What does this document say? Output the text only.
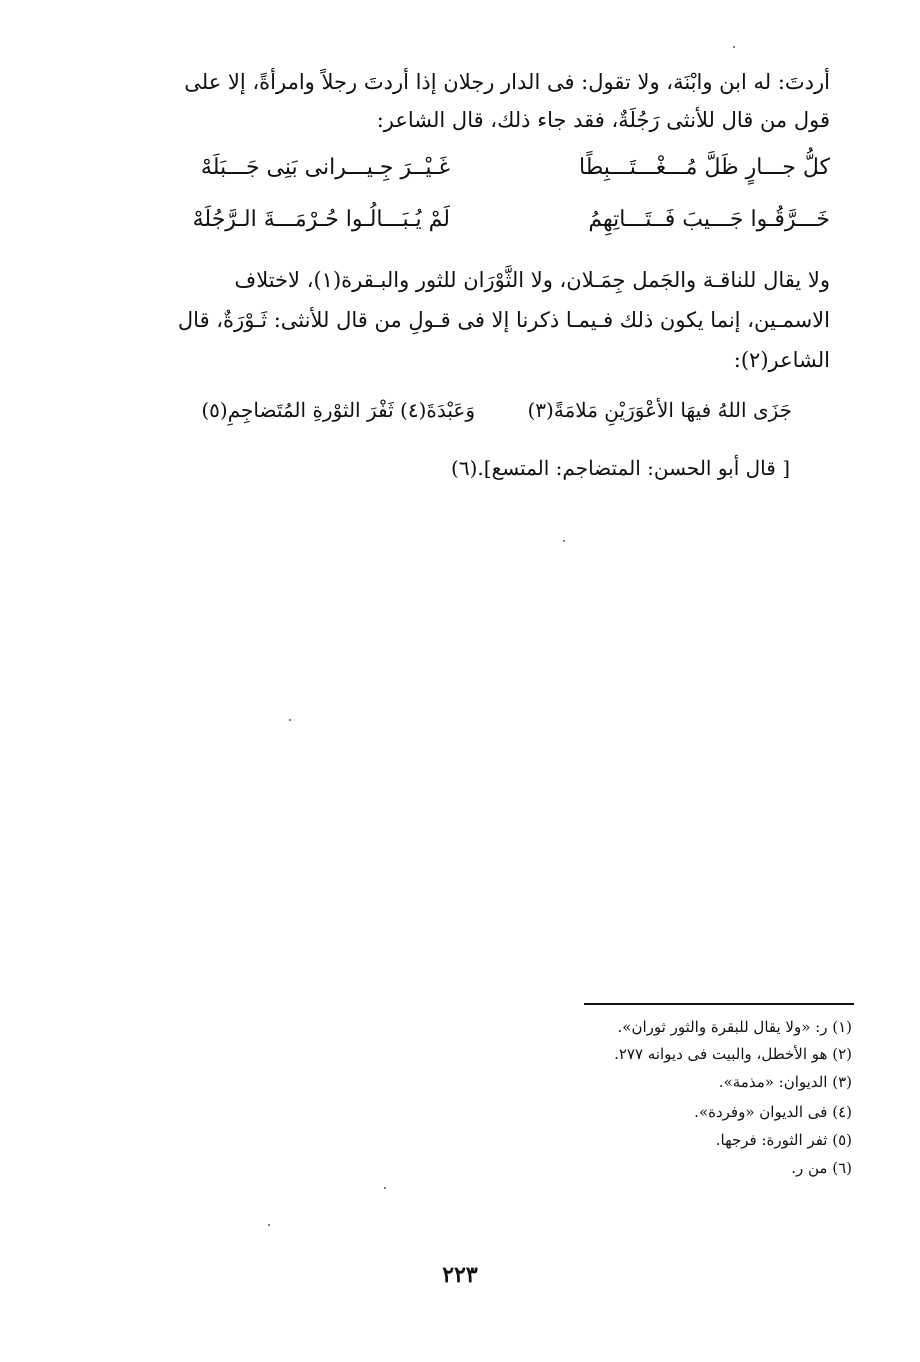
أردتَ: له ابن وابْنَة، ولا تقول: فى الدار رجلان إذا أردتَ رجلاً وامرأةً، إلا على
قول من قال للأنثى رَجُلَةٌ، فقد جاء ذلك، قال الشاعر:

كلُّ جـــارٍ ظَلَّ مُـــغْـــتَـــبِطًا

غَـيْــرَ جِـيـــرانى بَنِى جَـــبَلَهْ

خَـــرَّقُـوا جَـــيبَ فَــتَـــاتِهِمُ

لَمْ يُـبَـــالُـوا حُـرْمَـــةَ الـرَّجُلَهْ

ولا يقال للناقـة والجَمل جِمَـلان، ولا الثَّوْرَان للثور والبـقرة(١)، لاختلاف
الاسمـين، إنما يكون ذلك فـيمـا ذكرنا إلا فى قـولِ من قال للأنثى: ثَـوْرَةٌ، قال
الشاعر(٢):

جَزَى اللهُ فيهَا الأعْوَرَيْنِ مَلامَةً(٣)

وَعَبْدَةَ(٤) ثَفْرَ الثوْرةِ المُتَضاجِمِ(٥)

[ قال أبو الحسن: المتضاجم: المتسع].(٦)

(١) ر: «ولا يقال للبقرة والثور ثوران».

(٢) هو الأخطل، والبيت فى ديوانه ٢٧٧.

(٣) الديوان: «مذمة».

(٤) فى الديوان «وفردة».

(٥) ثفر الثورة: فرجها.

(٦) من ر.

٢٢٣
